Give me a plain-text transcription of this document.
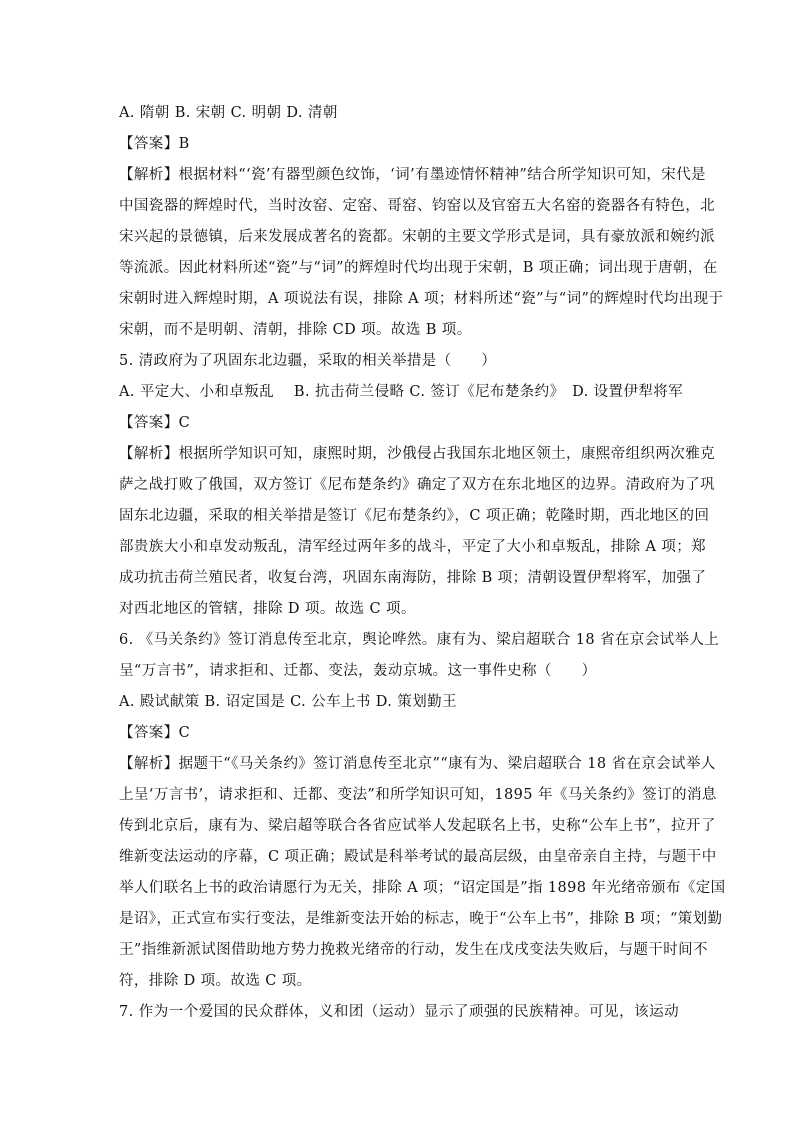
A. 隋朝 B. 宋朝 C. 明朝 D. 清朝
【答案】B
【解析】根据材料“‘瓷’有器型颜色纹饰，‘词’有墨迹情怀精神”结合所学知识可知，宋代是
中国瓷器的辉煌时代，当时汝窑、定窑、哥窑、钧窑以及官窑五大名窑的瓷器各有特色，北
宋兴起的景德镇，后来发展成著名的瓷都。宋朝的主要文学形式是词，具有豪放派和婉约派
等流派。因此材料所述“瓷”与“词”的辉煌时代均出现于宋朝，B 项正确；词出现于唐朝，在
宋朝时进入辉煌时期，A 项说法有误，排除 A 项；材料所述“瓷”与“词”的辉煌时代均出现于
宋朝，而不是明朝、清朝，排除 CD 项。故选 B 项。
5. 清政府为了巩固东北边疆，采取的相关举措是（　　）
A. 平定大、小和卓叛乱　 B. 抗击荷兰侵略 C. 签订《尼布楚条约》　D. 设置伊犁将军
【答案】C
【解析】根据所学知识可知，康熙时期，沙俄侵占我国东北地区领土，康熙帝组织两次雅克
萨之战打败了俄国，双方签订《尼布楚条约》确定了双方在东北地区的边界。清政府为了巩
固东北边疆，采取的相关举措是签订《尼布楚条约》，C 项正确；乾隆时期，西北地区的回
部贵族大小和卓发动叛乱，清军经过两年多的战斗，平定了大小和卓叛乱，排除 A 项；郑
成功抗击荷兰殖民者，收复台湾，巩固东南海防，排除 B 项；清朝设置伊犁将军，加强了
对西北地区的管辖，排除 D 项。故选 C 项。
6. 《马关条约》签订消息传至北京，舆论哗然。康有为、梁启超联合 18 省在京会试举人上
呈“万言书”，请求拒和、迁都、变法，轰动京城。这一事件史称（　　）
A. 殿试献策 B. 诏定国是 C. 公车上书 D. 策划勤王
【答案】C
【解析】据题干“《马关条约》签订消息传至北京”“康有为、梁启超联合 18 省在京会试举人
上呈‘万言书’，请求拒和、迁都、变法”和所学知识可知，1895 年《马关条约》签订的消息
传到北京后，康有为、梁启超等联合各省应试举人发起联名上书，史称“公车上书”，拉开了
维新变法运动的序幕，C 项正确；殿试是科举考试的最高层级，由皇帝亲自主持，与题干中
举人们联名上书的政治请愿行为无关，排除 A 项；“诏定国是”指 1898 年光绪帝颁布《定国
是诏》，正式宣布实行变法，是维新变法开始的标志，晚于“公车上书”，排除 B 项；“策划勤
王”指维新派试图借助地方势力挽救光绪帝的行动，发生在戊戌变法失败后，与题干时间不
符，排除 D 项。故选 C 项。
7. 作为一个爱国的民众群体，义和团（运动）显示了顽强的民族精神。可见，该运动
